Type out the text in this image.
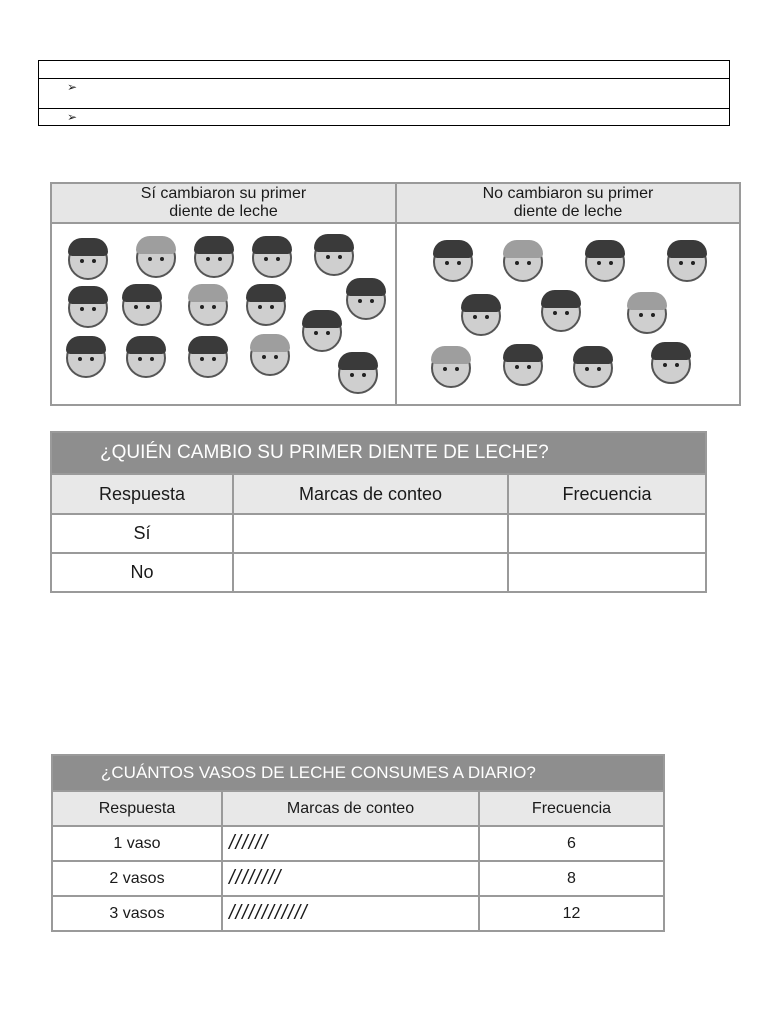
➢
➢
Sí cambiaron su primer
diente de leche
No cambiaron su primer
diente de leche
¿QUIÉN CAMBIO SU PRIMER DIENTE DE LECHE?		
Respuesta	Marcas de conteo	Frecuencia
Sí		
No		
¿CUÁNTOS VASOS DE LECHE CONSUMES A DIARIO?		
Respuesta	Marcas de conteo	Frecuencia
1 vaso	//////	6
2 vasos	////////	8
3 vasos	////////////	12
